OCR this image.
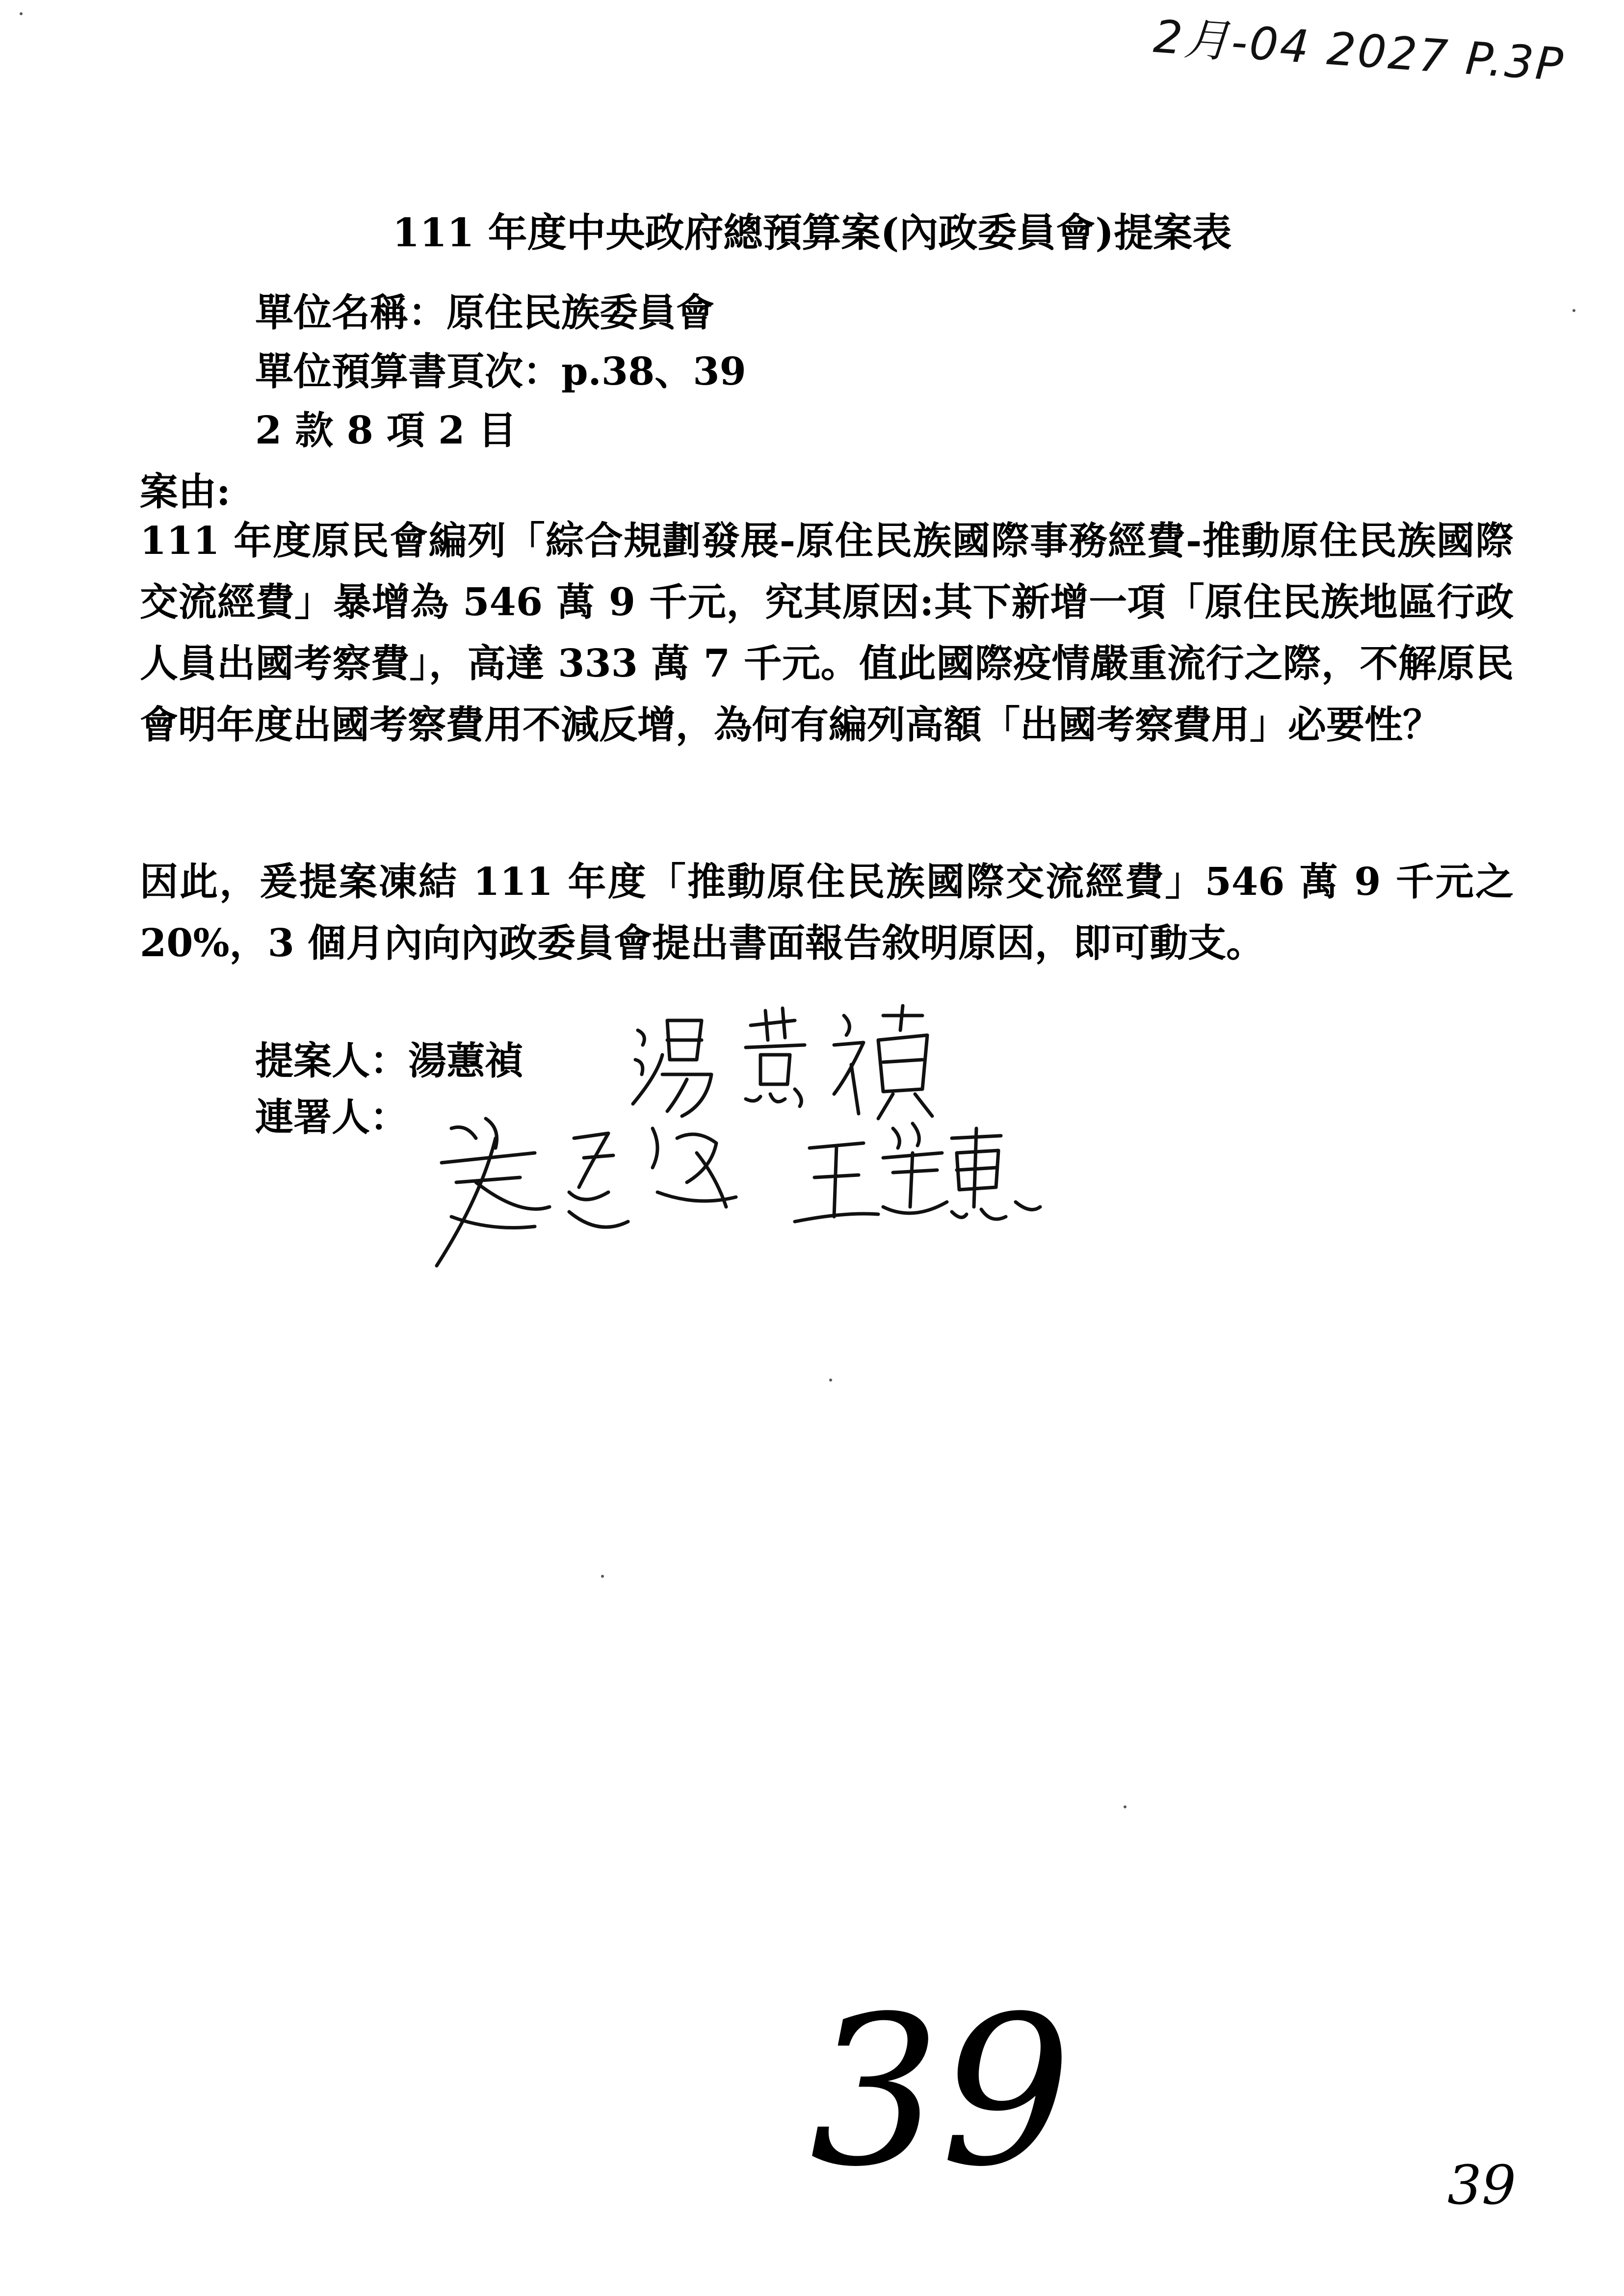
2月-04 2027 P.3P
111 年度中央政府總預算案(內政委員會)提案表
單位名稱：原住民族委員會
單位預算書頁次：p.38、39
2 款 8 項 2 目
案由:
111 年度原民會編列「綜合規劃發展-原住民族國際事務經費-推動原住民族國際交流經費」暴增為 546 萬 9 千元，究其原因:其下新增一項「原住民族地區行政人員出國考察費」，高達 333 萬 7 千元。值此國際疫情嚴重流行之際，不解原民會明年度出國考察費用不減反增，為何有編列高額「出國考察費用」必要性？
因此，爰提案凍結 111 年度「推動原住民族國際交流經費」546 萬 9 千元之 20%，3 個月內向內政委員會提出書面報告敘明原因，即可動支。
提案人：湯蕙禎
連署人：
39	39
